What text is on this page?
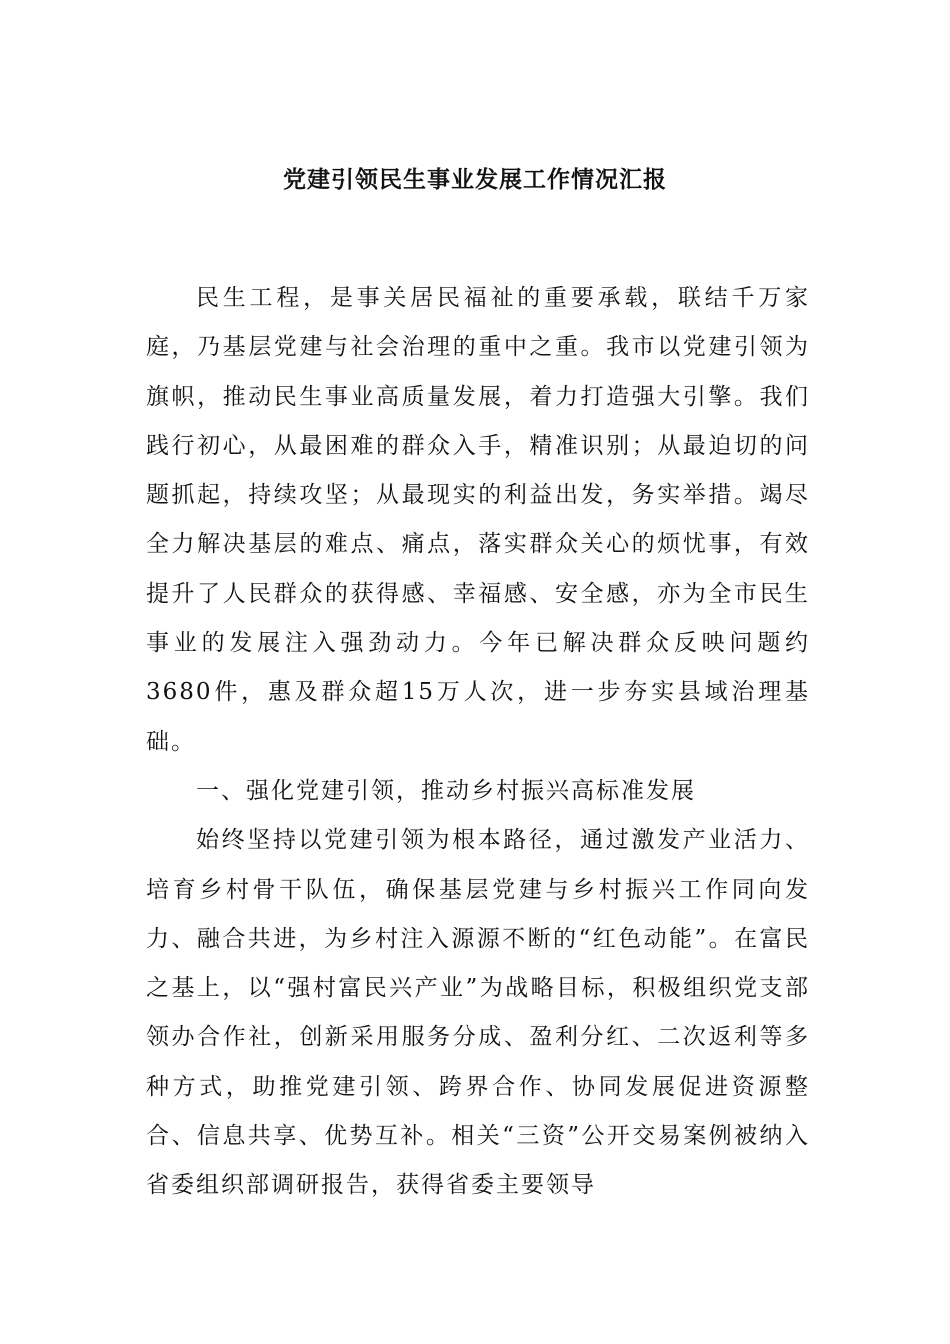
党建引领民生事业发展工作情况汇报

民生工程，是事关居民福祉的重要承载，联结千万家庭，乃基层党建与社会治理的重中之重。我市以党建引领为旗帜，推动民生事业高质量发展，着力打造强大引擎。我们践行初心，从最困难的群众入手，精准识别；从最迫切的问题抓起，持续攻坚；从最现实的利益出发，务实举措。竭尽全力解决基层的难点、痛点，落实群众关心的烦忧事，有效提升了人民群众的获得感、幸福感、安全感，亦为全市民生事业的发展注入强劲动力。今年已解决群众反映问题约3680件，惠及群众超15万人次，进一步夯实县域治理基础。

一、强化党建引领，推动乡村振兴高标准发展

始终坚持以党建引领为根本路径，通过激发产业活力、培育乡村骨干队伍，确保基层党建与乡村振兴工作同向发力、融合共进，为乡村注入源源不断的“红色动能”。在富民之基上，以“强村富民兴产业”为战略目标，积极组织党支部领办合作社，创新采用服务分成、盈利分红、二次返利等多种方式，助推党建引领、跨界合作、协同发展促进资源整合、信息共享、优势互补。相关“三资”公开交易案例被纳入省委组织部调研报告，获得省委主要领导
